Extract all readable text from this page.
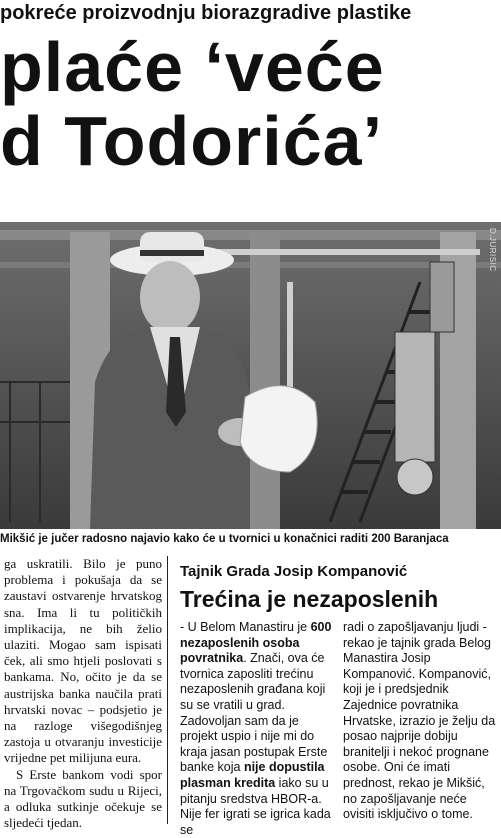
pokreće proizvodnju biorazgradive plastike
plaće ‘veće
d Todorića’
D.JURISIC
Mikšić je jučer radosno najavio kako će u tvornici u konačnici raditi 200 Baranjaca

ga uskratili. Bilo je puno problema i pokušaja da se zaustavi ostvarenje hrvatskog sna. Ima li tu političkih implikacija, ne bih želio ulaziti. Mogao sam ispisati ček, ali smo htjeli poslovati s bankama. No, očito je da se austrijska banka naučila prati hrvatski novac – podsjetio je na razloge višegodišnjeg zastoja u otvaranju investicije vrijedne pet milijuna eura.

S Erste bankom vodi spor na Trgovačkom sudu u Rijeci, a odluka sutkinje očekuje se sljedeći tjedan.

Tajnik Grada Josip Kompanović
Trećina je nezaposlenih

- U Belom Manastiru je 600 nezaposlenih osoba povratnika. Znači, ova će tvornica zaposliti trećinu nezaposlenih građana koji su se vratili u grad. Zadovoljan sam da je projekt uspio i nije mi do kraja jasan postupak Erste banke koja nije dopustila plasman kredita iako su u pitanju sredstva HBOR-a. Nije fer igrati se igrica kada se

radi o zapošljavanju ljudi - rekao je tajnik grada Belog Manastira Josip Kompanović. Kompanović, koji je i predsjednik Zajednice povratnika Hrvatske, izrazio je želju da posao najprije dobiju branitelji i nekoć prognane osobe. Oni će imati prednost, rekao je Mikšić, no zapošljavanje neće ovisiti isključivo o tome.
